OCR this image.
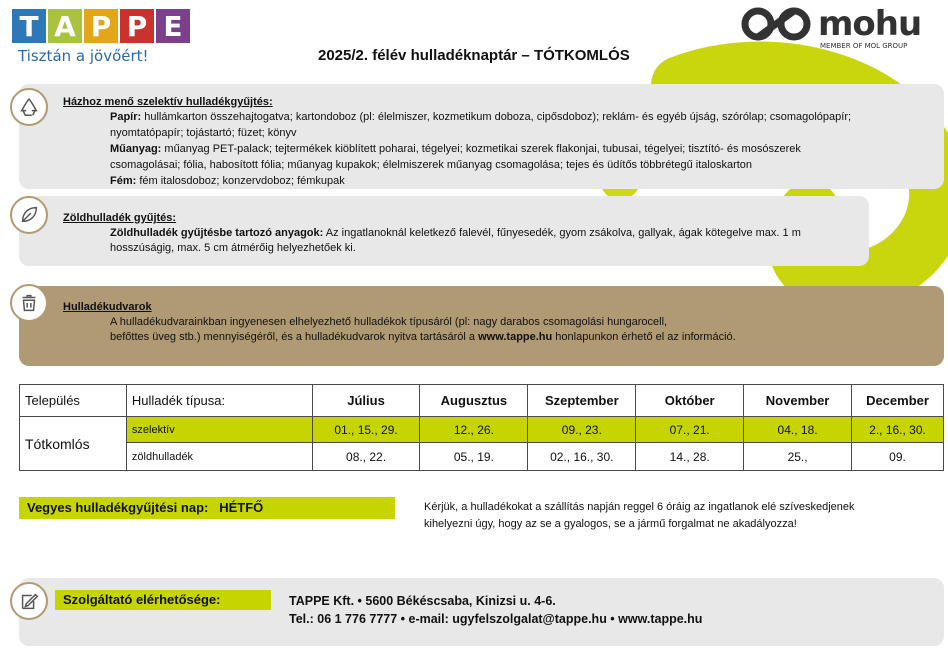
T A P P E
Tisztán a jövőért!
mohu
MEMBER OF MOL GROUP
2025/2. félév hulladéknaptár – TÓTKOMLÓS
Házhoz menő szelektív hulladékgyűjtés:
Papír: hullámkarton összehajtogatva; kartondoboz (pl: élelmiszer, kozmetikum doboza, cipősdoboz); reklám- és egyéb újság, szórólap; csomagolópapír;
nyomtatópapír; tojástartó; füzet; könyv
Műanyag: műanyag PET-palack; tejtermékek kiöblített poharai, tégelyei; kozmetikai szerek flakonjai, tubusai, tégelyei; tisztító- és mosószerek
csomagolásai; fólia, habosított fólia; műanyag kupakok; élelmiszerek műanyag csomagolása; tejes és üdítős többrétegű italoskarton
Fém: fém italosdoboz; konzervdoboz; fémkupak
Zöldhulladék gyűjtés:
Zöldhulladék gyűjtésbe tartozó anyagok: Az ingatlanoknál keletkező falevél, fűnyesedék, gyom zsákolva, gallyak, ágak kötegelve max. 1 m
hosszúságig, max. 5 cm átmérőig helyezhetőek ki.
Hulladékudvarok
A hulladékudvarainkban ingyenesen elhelyezhető hulladékok típusáról (pl: nagy darabos csomagolási hungarocell,
befőttes üveg stb.) mennyiségéről, és a hulladékudvarok nyitva tartásáról a www.tappe.hu honlapunkon érhető el az információ.
Település	Hulladék típusa:	Július	Augusztus	Szeptember	Október	November	December
Tótkomlós	szelektív	01., 15., 29.	12., 26.	09., 23.	07., 21.	04., 18.	2., 16., 30.
	zöldhulladék	08., 22.	05., 19.	02., 16., 30.	14., 28.	25.,	09.
Vegyes hulladékgyűjtési nap: HÉTFŐ	Kérjük, a hulladékokat a szállítás napján reggel 6 óráig az ingatlanok elé szíveskedjenek
kihelyezni úgy, hogy az se a gyalogos, se a jármű forgalmat ne akadályozza!
Szolgáltató elérhetősége:	TAPPE Kft. • 5600 Békéscsaba, Kinizsi u. 4-6.
Tel.: 06 1 776 7777 • e-mail: ugyfelszolgalat@tappe.hu • www.tappe.hu
